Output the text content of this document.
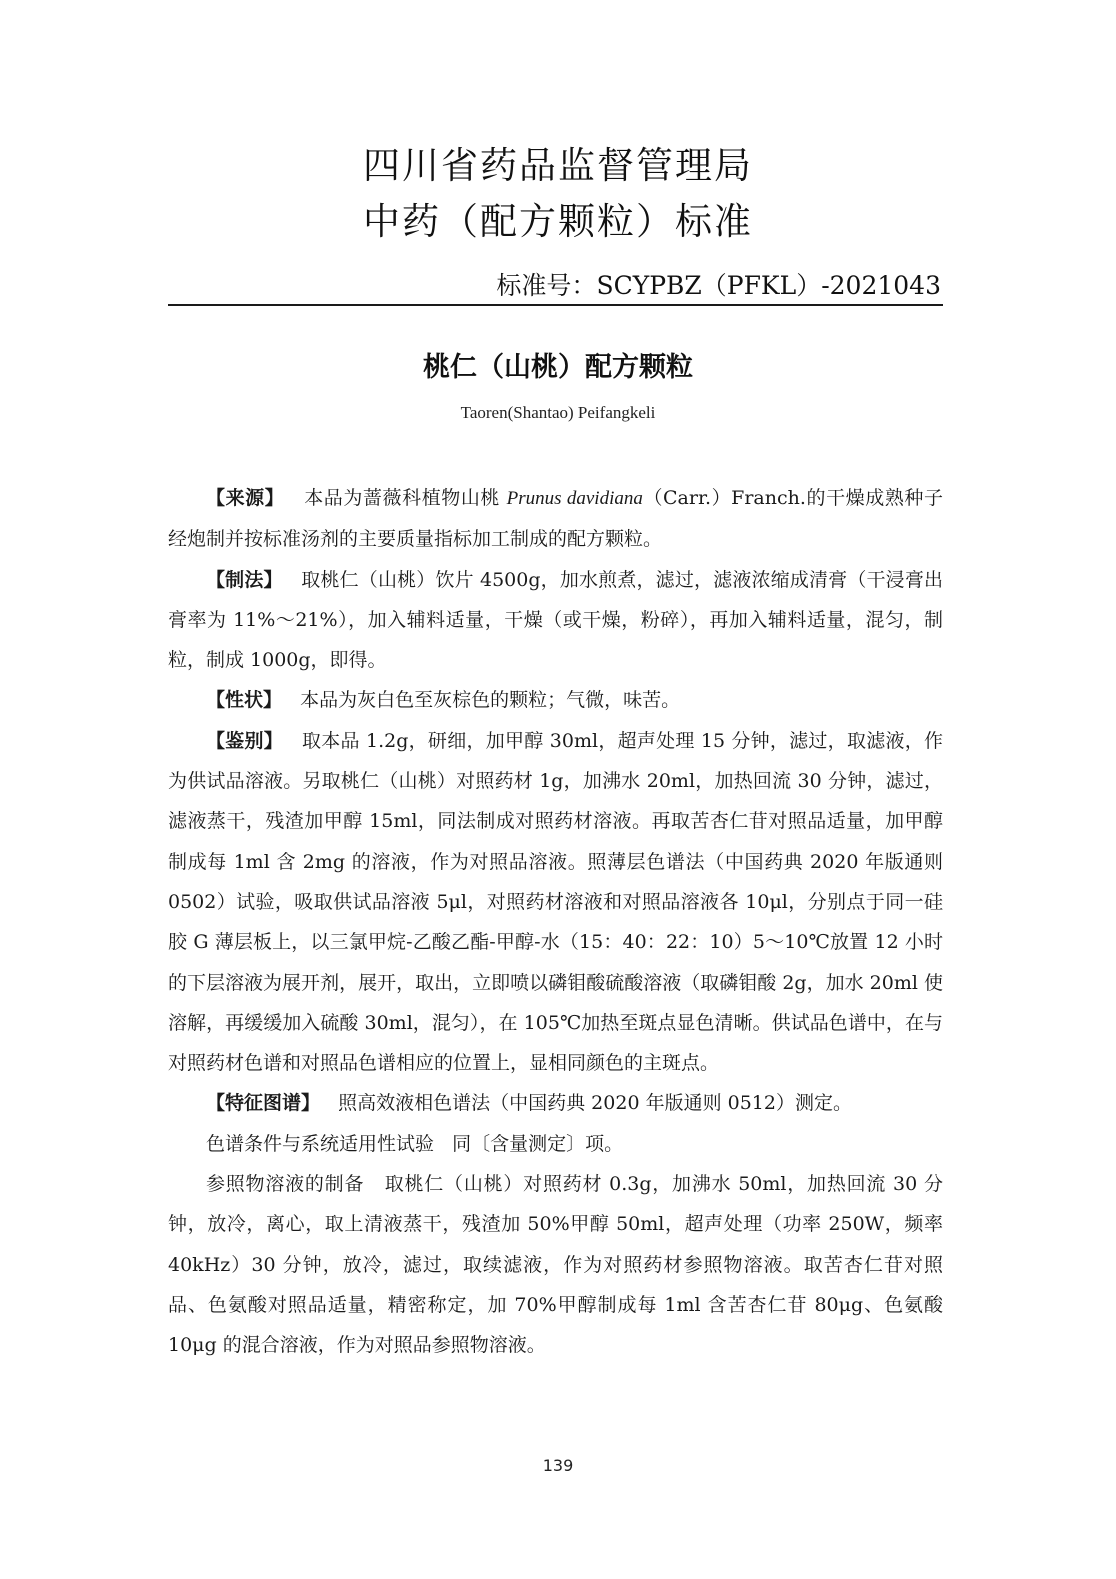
四川省药品监督管理局
中药（配方颗粒）标准
标准号：SCYPBZ（PFKL）-2021043
桃仁（山桃）配方颗粒
Taoren(Shantao) Peifangkeli

【来源】 本品为蔷薇科植物山桃 Prunus davidiana（Carr.）Franch.的干燥成熟种子经炮制并按标准汤剂的主要质量指标加工制成的配方颗粒。

【制法】 取桃仁（山桃）饮片 4500g，加水煎煮，滤过，滤液浓缩成清膏（干浸膏出膏率为 11%～21%），加入辅料适量，干燥（或干燥，粉碎），再加入辅料适量，混匀，制粒，制成 1000g，即得。

【性状】 本品为灰白色至灰棕色的颗粒；气微，味苦。

【鉴别】 取本品 1.2g，研细，加甲醇 30ml，超声处理 15 分钟，滤过，取滤液，作为供试品溶液。另取桃仁（山桃）对照药材 1g，加沸水 20ml，加热回流 30 分钟，滤过，滤液蒸干，残渣加甲醇 15ml，同法制成对照药材溶液。再取苦杏仁苷对照品适量，加甲醇制成每 1ml 含 2mg 的溶液，作为对照品溶液。照薄层色谱法（中国药典 2020 年版通则 0502）试验，吸取供试品溶液 5μl，对照药材溶液和对照品溶液各 10μl，分别点于同一硅胶 G 薄层板上，以三氯甲烷-乙酸乙酯-甲醇-水（15：40：22：10）5～10℃放置 12 小时的下层溶液为展开剂，展开，取出，立即喷以磷钼酸硫酸溶液（取磷钼酸 2g，加水 20ml 使溶解，再缓缓加入硫酸 30ml，混匀），在 105℃加热至斑点显色清晰。供试品色谱中，在与对照药材色谱和对照品色谱相应的位置上，显相同颜色的主斑点。

【特征图谱】 照高效液相色谱法（中国药典 2020 年版通则 0512）测定。

色谱条件与系统适用性试验 同〔含量测定〕项。

参照物溶液的制备 取桃仁（山桃）对照药材 0.3g，加沸水 50ml，加热回流 30 分钟，放冷，离心，取上清液蒸干，残渣加 50%甲醇 50ml，超声处理（功率 250W，频率 40kHz）30 分钟，放冷，滤过，取续滤液，作为对照药材参照物溶液。取苦杏仁苷对照品、色氨酸对照品适量，精密称定，加 70%甲醇制成每 1ml 含苦杏仁苷 80μg、色氨酸 10μg 的混合溶液，作为对照品参照物溶液。

139
